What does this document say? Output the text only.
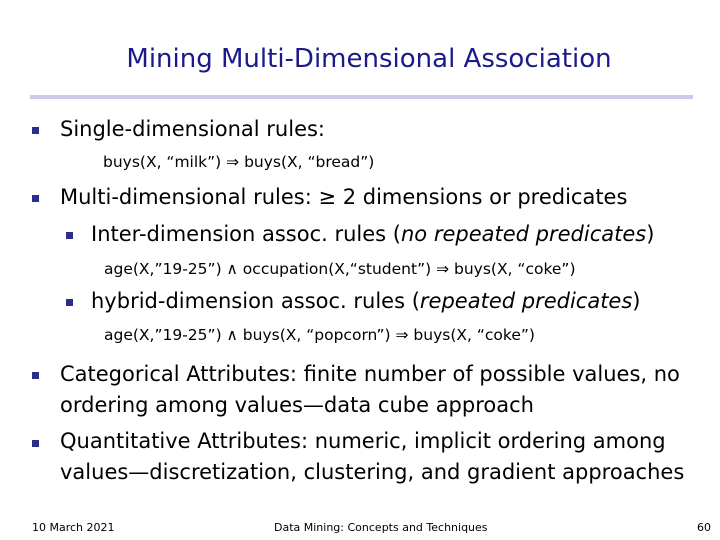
Mining Multi-Dimensional Association
Single-dimensional rules:
buys(X, “milk”) ⇒ buys(X, “bread”)
Multi-dimensional rules: ≥ 2 dimensions or predicates
Inter-dimension assoc. rules (no repeated predicates)
age(X,”19-25”) ∧ occupation(X,“student”) ⇒ buys(X, “coke”)
hybrid-dimension assoc. rules (repeated predicates)
age(X,”19-25”) ∧ buys(X, “popcorn”) ⇒ buys(X, “coke”)
Categorical Attributes: finite number of possible values, no
ordering among values—data cube approach
Quantitative Attributes: numeric, implicit ordering among
values—discretization, clustering, and gradient approaches
10 March 2021	Data Mining: Concepts and Techniques	60
